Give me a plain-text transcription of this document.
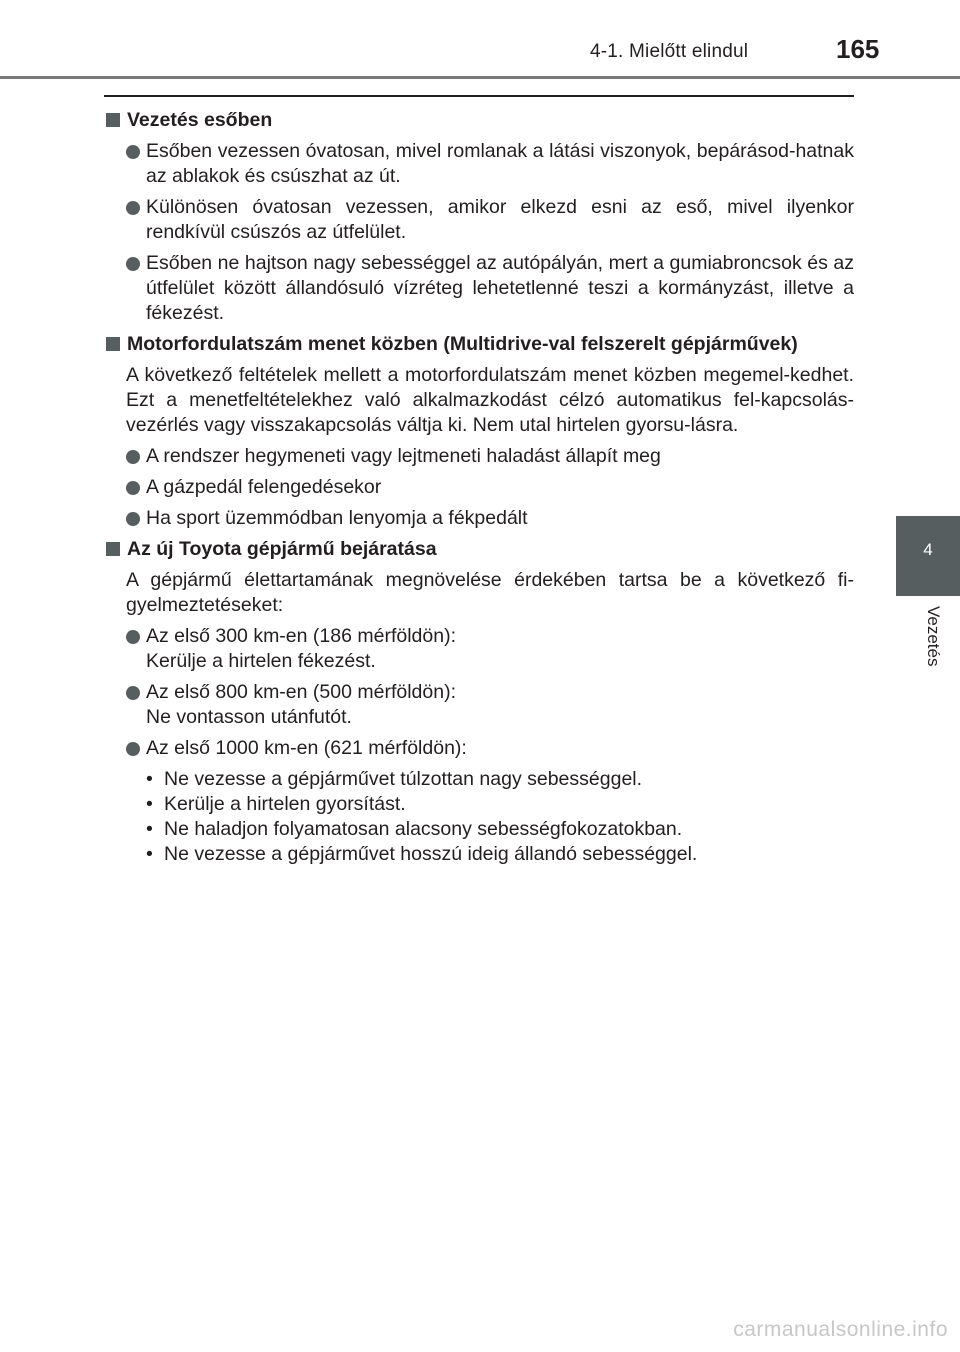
4-1. Mielőtt elindul	165
4
Vezetés
Vezetés esőben
Esőben vezessen óvatosan, mivel romlanak a látási viszonyok, bepárásod-hatnak az ablakok és csúszhat az út.
Különösen óvatosan vezessen, amikor elkezd esni az eső, mivel ilyenkor rendkívül csúszós az útfelület.
Esőben ne hajtson nagy sebességgel az autópályán, mert a gumiabroncsok és az útfelület között állandósuló vízréteg lehetetlenné teszi a kormányzást, illetve a fékezést.
Motorfordulatszám menet közben (Multidrive-val felszerelt gépjárművek)
A következő feltételek mellett a motorfordulatszám menet közben megemel-kedhet. Ezt a menetfeltételekhez való alkalmazkodást célzó automatikus fel-kapcsolás-vezérlés vagy visszakapcsolás váltja ki. Nem utal hirtelen gyorsu-lásra.
A rendszer hegymeneti vagy lejtmeneti haladást állapít meg
A gázpedál felengedésekor
Ha sport üzemmódban lenyomja a fékpedált
Az új Toyota gépjármű bejáratása
A gépjármű élettartamának megnövelése érdekében tartsa be a következő fi-gyelmeztetéseket:
Az első 300 km-en (186 mérföldön):
Kerülje a hirtelen fékezést.
Az első 800 km-en (500 mérföldön):
Ne vontasson utánfutót.
Az első 1000 km-en (621 mérföldön):
• Ne vezesse a gépjárművet túlzottan nagy sebességgel.
• Kerülje a hirtelen gyorsítást.
• Ne haladjon folyamatosan alacsony sebességfokozatokban.
• Ne vezesse a gépjárművet hosszú ideig állandó sebességgel.
carmanualsonline.info
